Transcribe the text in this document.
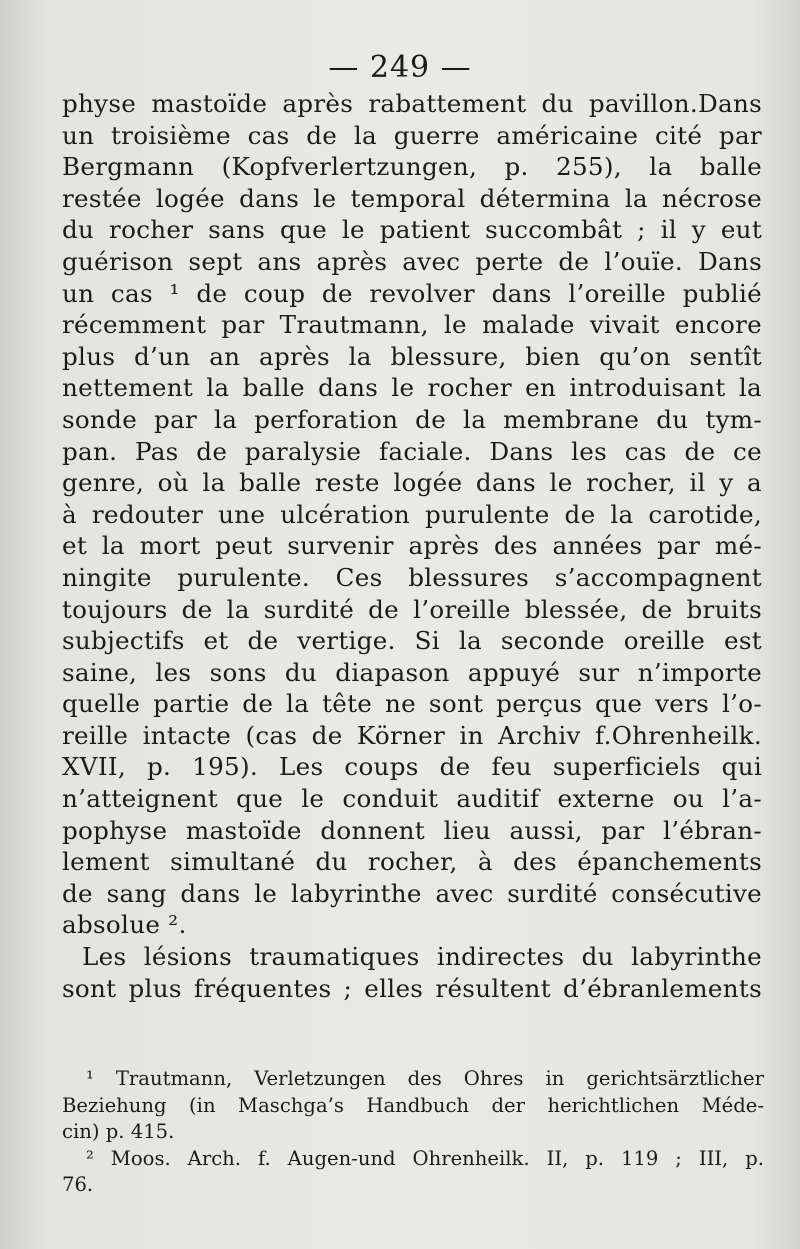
— 249 —
physe mastoïde après rabattement du pavillon.Dans
un troisième cas de la guerre américaine cité par
Bergmann (Kopfverlertzungen, p. 255), la balle
restée logée dans le temporal détermina la nécrose
du rocher sans que le patient succombât ; il y eut
guérison sept ans après avec perte de l’ouïe. Dans
un cas ¹ de coup de revolver dans l’oreille publié
récemment par Trautmann, le malade vivait encore
plus d’un an après la blessure, bien qu’on sentît
nettement la balle dans le rocher en introduisant la
sonde par la perforation de la membrane du tym-
pan. Pas de paralysie faciale. Dans les cas de ce
genre, où la balle reste logée dans le rocher, il y a
à redouter une ulcération purulente de la carotide,
et la mort peut survenir après des années par mé-
ningite purulente. Ces blessures s’accompagnent
toujours de la surdité de l’oreille blessée, de bruits
subjectifs et de vertige. Si la seconde oreille est
saine, les sons du diapason appuyé sur n’importe
quelle partie de la tête ne sont perçus que vers l’o-
reille intacte (cas de Körner in Archiv f.Ohrenheilk.
XVII, p. 195). Les coups de feu superficiels qui
n’atteignent que le conduit auditif externe ou l’a-
pophyse mastoïde donnent lieu aussi, par l’ébran-
lement simultané du rocher, à des épanchements
de sang dans le labyrinthe avec surdité consécutive
absolue ².
Les lésions traumatiques indirectes du labyrinthe
sont plus fréquentes ; elles résultent d’ébranlements
¹ Trautmann, Verletzungen des Ohres in gerichtsärztlicher
Beziehung (in Maschga’s Handbuch der herichtlichen Méde-
cin) p. 415.
² Moos. Arch. f. Augen-und Ohrenheilk. II, p. 119 ; III, p.
76.
